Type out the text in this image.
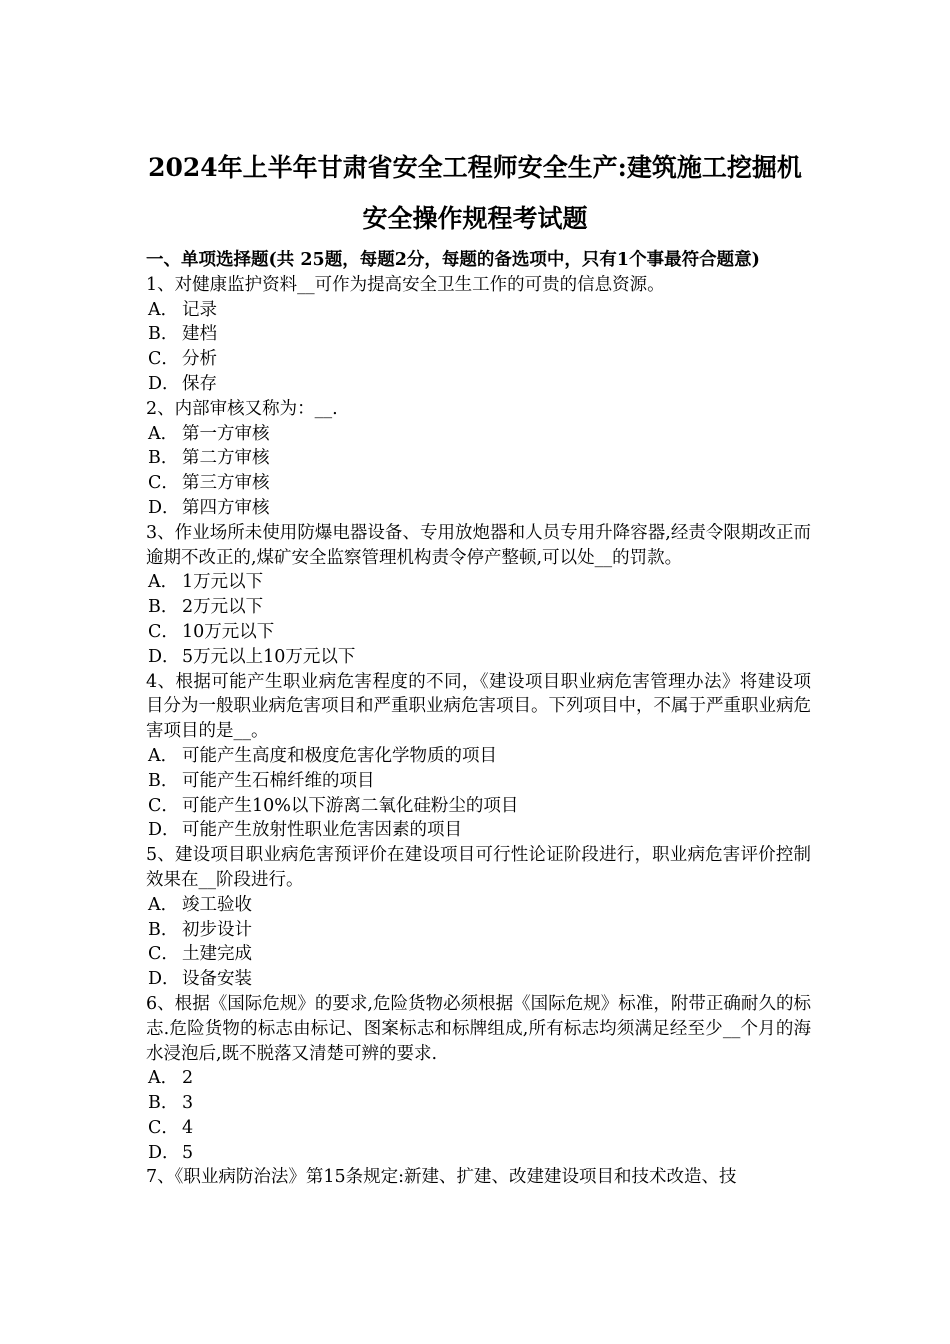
2024年上半年甘肃省安全工程师安全生产:建筑施工挖掘机
安全操作规程考试题
一、单项选择题(共 25题，每题2分，每题的备选项中，只有1个事最符合题意)
1、对健康监护资料__可作为提高安全卫生工作的可贵的信息资源。
A． 记录
B． 建档
C． 分析
D． 保存
2、内部审核又称为：__.
A． 第一方审核
B． 第二方审核
C． 第三方审核
D． 第四方审核
3、作业场所未使用防爆电器设备、专用放炮器和人员专用升降容器,经责令限期改正而逾期不改正的,煤矿安全监察管理机构责令停产整顿,可以处__的罚款。
A． 1万元以下
B． 2万元以下
C． 10万元以下
D． 5万元以上10万元以下
4、根据可能产生职业病危害程度的不同，《建设项目职业病危害管理办法》将建设项目分为一般职业病危害项目和严重职业病危害项目。下列项目中，不属于严重职业病危害项目的是__。
A． 可能产生高度和极度危害化学物质的项目
B． 可能产生石棉纤维的项目
C． 可能产生10%以下游离二氧化硅粉尘的项目
D． 可能产生放射性职业危害因素的项目
5、建设项目职业病危害预评价在建设项目可行性论证阶段进行，职业病危害评价控制效果在__阶段进行。
A． 竣工验收
B． 初步设计
C． 土建完成
D． 设备安装
6、根据《国际危规》的要求,危险货物必须根据《国际危规》标准，附带正确耐久的标志.危险货物的标志由标记、图案标志和标牌组成,所有标志均须满足经至少__个月的海水浸泡后,既不脱落又清楚可辨的要求.
A． 2
B． 3
C． 4
D． 5
7、《职业病防治法》第15条规定:新建、扩建、改建建设项目和技术改造、技
